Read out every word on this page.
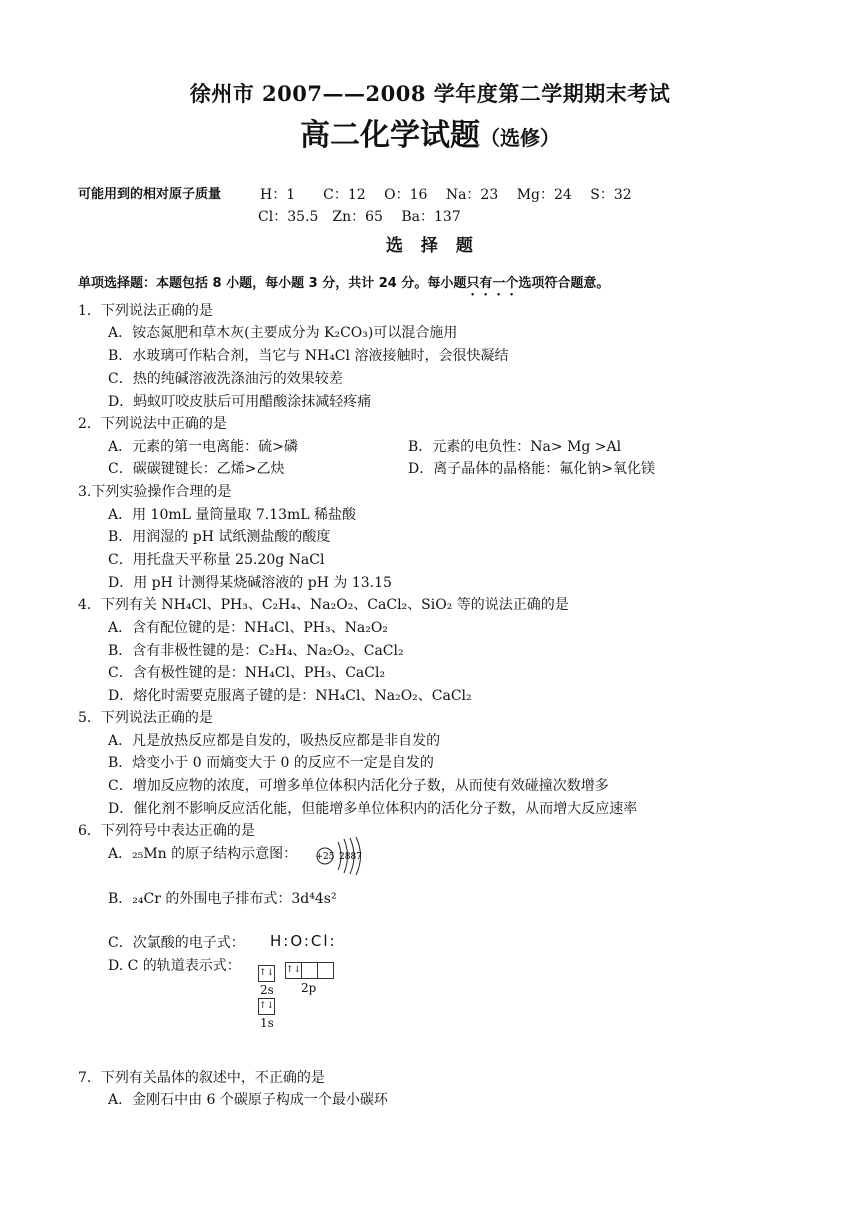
徐州市 2007——2008 学年度第二学期期末考试
高二化学试题（选修）
可能用到的相对原子质量	H：1　　C：12　 O：16　 Na：23　 Mg：24　 S：32
Cl：35.5　Zn：65　 Ba：137
选 择 题
单项选择题：本题包括 8 小题，每小题 3 分，共计 24 分。每小题只有一个选项符合题意。
1．下列说法正确的是
A．铵态氮肥和草木灰(主要成分为 K₂CO₃)可以混合施用
B．水玻璃可作粘合剂，当它与 NH₄Cl 溶液接触时，会很快凝结
C．热的纯碱溶液洗涤油污的效果较差
D．蚂蚁叮咬皮肤后可用醋酸涂抹减轻疼痛
2．下列说法中正确的是
A．元素的第一电离能：硫>磷	B．元素的电负性：Na> Mg >Al
C．碳碳键键长：乙烯>乙炔	D．离子晶体的晶格能：氟化钠>氧化镁
3.下列实验操作合理的是
A．用 10mL 量筒量取 7.13mL 稀盐酸
B．用润湿的 pH 试纸测盐酸的酸度
C．用托盘天平称量 25.20g NaCl
D．用 pH 计测得某烧碱溶液的 pH 为 13.15
4．下列有关 NH₄Cl、PH₃、C₂H₄、Na₂O₂、CaCl₂、SiO₂ 等的说法正确的是
A．含有配位键的是：NH₄Cl、PH₃、Na₂O₂
B．含有非极性键的是：C₂H₄、Na₂O₂、CaCl₂
C．含有极性键的是：NH₄Cl、PH₃、CaCl₂
D．熔化时需要克服离子键的是：NH₄Cl、Na₂O₂、CaCl₂
5．下列说法正确的是
A．凡是放热反应都是自发的，吸热反应都是非自发的
B．焓变小于 0 而熵变大于 0 的反应不一定是自发的
C．增加反应物的浓度，可增多单位体积内活化分子数，从而使有效碰撞次数增多
D．催化剂不影响反应活化能，但能增多单位体积内的活化分子数，从而增大反应速率
6．下列符号中表达正确的是
A．₂₅Mn 的原子结构示意图： +25 2887
B．₂₄Cr 的外围电子排布式：3d⁴4s²
C．次氯酸的电子式： H:O:Cl:
D. C 的轨道表示式： ↑↓
2s
↑↓
2p
↑↓
1s
7．下列有关晶体的叙述中，不正确的是
A．金刚石中由 6 个碳原子构成一个最小碳环
